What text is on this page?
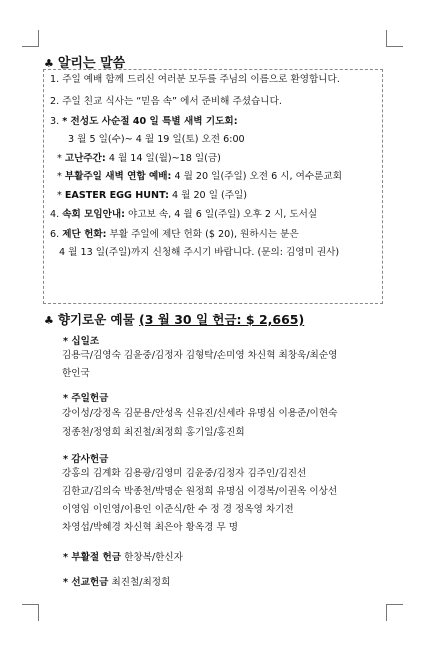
♣ 알리는 말씀
1. 주일 예배 함께 드리신 여러분 모두를 주님의 이름으로 환영합니다.
2. 주일 친교 식사는 “믿음 속” 에서 준비해 주셨습니다.
3. * 전성도 사순절 40 일 특별 새벽 기도회:
3 월 5 일(수)~ 4 월 19 일(토) 오전 6:00
* 고난주간: 4 월 14 일(월)~18 일(금)
* 부활주일 새벽 연합 예배: 4 월 20 일(주일) 오전 6 시, 여수룬교회
* EASTER EGG HUNT: 4 월 20 일 (주일)
4. 속회 모임안내: 야고보 속, 4 월 6 일(주일) 오후 2 시, 도서실
6. 제단 헌화: 부활 주일에 제단 헌화 ($ 20), 원하시는 분은
4 월 13 일(주일)까지 신청해 주시기 바랍니다. (문의: 김영미 권사)
♣ 향기로운 예물 (3 월 30 일 헌금: $ 2,665)
* 십일조
김용극/김영숙 김윤중/김정자 김형탁/손미영 차신혁 최창욱/최순영
한인국
* 주일헌금
강이성/강정옥 김문용/안성옥 신유진/신세라 유명심 이용준/이현숙
정종천/정영희 최진철/최정희 홍기일/홍진희
* 감사헌금
강홍의 김계화 김용광/김영미 김윤중/김정자 김주인/김진선
김한교/김의숙 박종천/박명순 원정희 유명심 이경복/이권옥 이상선
이영임 이인영/이용인 이준식/한 수 정 경 정옥영 차기전
차영섭/박혜경 차신혁 최은아 황옥경 무 명
* 부활절 헌금 한창복/한신자
* 선교헌금 최진철/최정희
